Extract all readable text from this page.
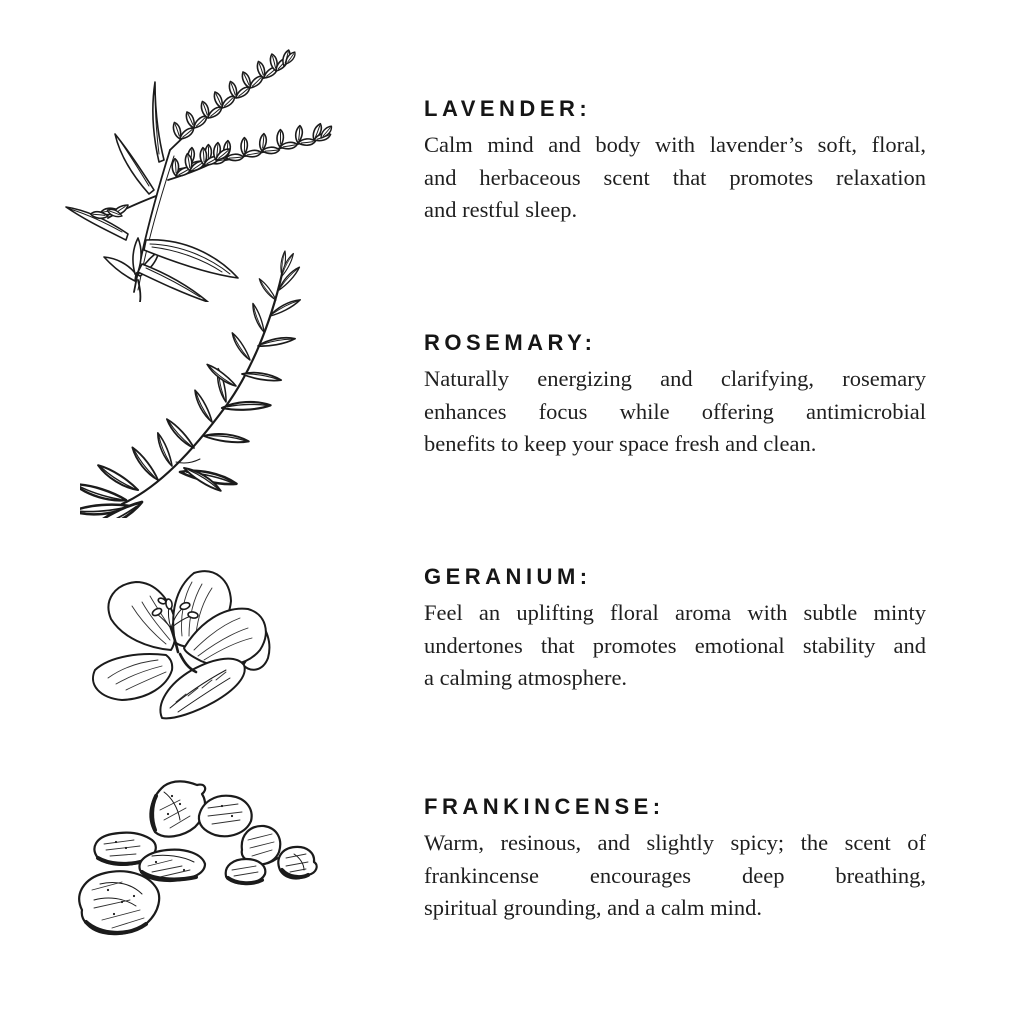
LAVENDER:
Calm mind and body with lavender’s soft, floral,
and herbaceous scent that promotes relaxation
and restful sleep.
ROSEMARY:
Naturally energizing and clarifying, rosemary
enhances focus while offering antimicrobial
benefits to keep your space fresh and clean.
GERANIUM:
Feel an uplifting floral aroma with subtle minty
undertones that promotes emotional stability and
a calming atmosphere.
FRANKINCENSE:
Warm, resinous, and slightly spicy; the scent of
frankincense encourages deep breathing,
spiritual grounding, and a calm mind.
